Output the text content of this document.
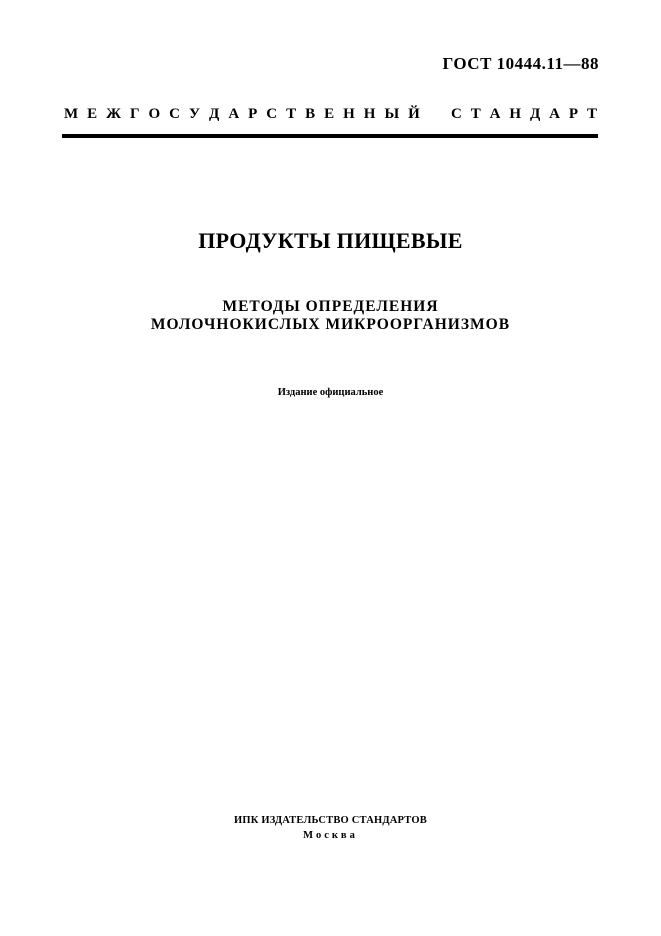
ГОСТ 10444.11—88
М Е Ж Г О С У Д А Р С Т В Е Н Н Ы Й С Т А Н Д А Р Т
ПРОДУКТЫ ПИЩЕВЫЕ
МЕТОДЫ ОПРЕДЕЛЕНИЯ
МОЛОЧНОКИСЛЫХ МИКРООРГАНИЗМОВ
Издание официальное
ИПК ИЗДАТЕЛЬСТВО СТАНДАРТОВ
Москва
